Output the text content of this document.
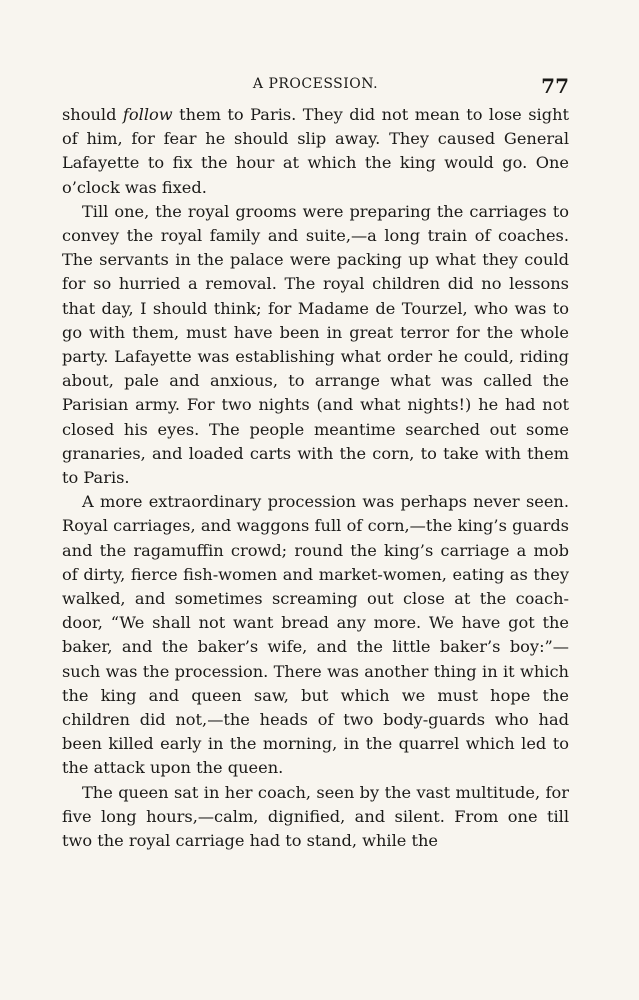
A PROCESSION.	77

should follow them to Paris. They did not mean to lose sight of him, for fear he should slip away. They caused General Lafayette to fix the hour at which the king would go. One o’clock was fixed.

Till one, the royal grooms were preparing the carriages to convey the royal family and suite,—a long train of coaches. The servants in the palace were packing up what they could for so hurried a removal. The royal children did no lessons that day, I should think; for Madame de Tourzel, who was to go with them, must have been in great terror for the whole party. Lafayette was establishing what order he could, riding about, pale and anxious, to arrange what was called the Parisian army. For two nights (and what nights!) he had not closed his eyes. The people meantime searched out some granaries, and loaded carts with the corn, to take with them to Paris.

A more extraordinary procession was perhaps never seen. Royal carriages, and waggons full of corn,—the king’s guards and the ragamuffin crowd; round the king’s carriage a mob of dirty, fierce fish-women and market-women, eating as they walked, and sometimes screaming out close at the coach-door, “We shall not want bread any more. We have got the baker, and the baker’s wife, and the little baker’s boy:”—such was the procession. There was another thing in it which the king and queen saw, but which we must hope the children did not,—the heads of two body-guards who had been killed early in the morning, in the quarrel which led to the attack upon the queen.

The queen sat in her coach, seen by the vast multitude, for five long hours,—calm, dignified, and silent. From one till two the royal carriage had to stand, while the
